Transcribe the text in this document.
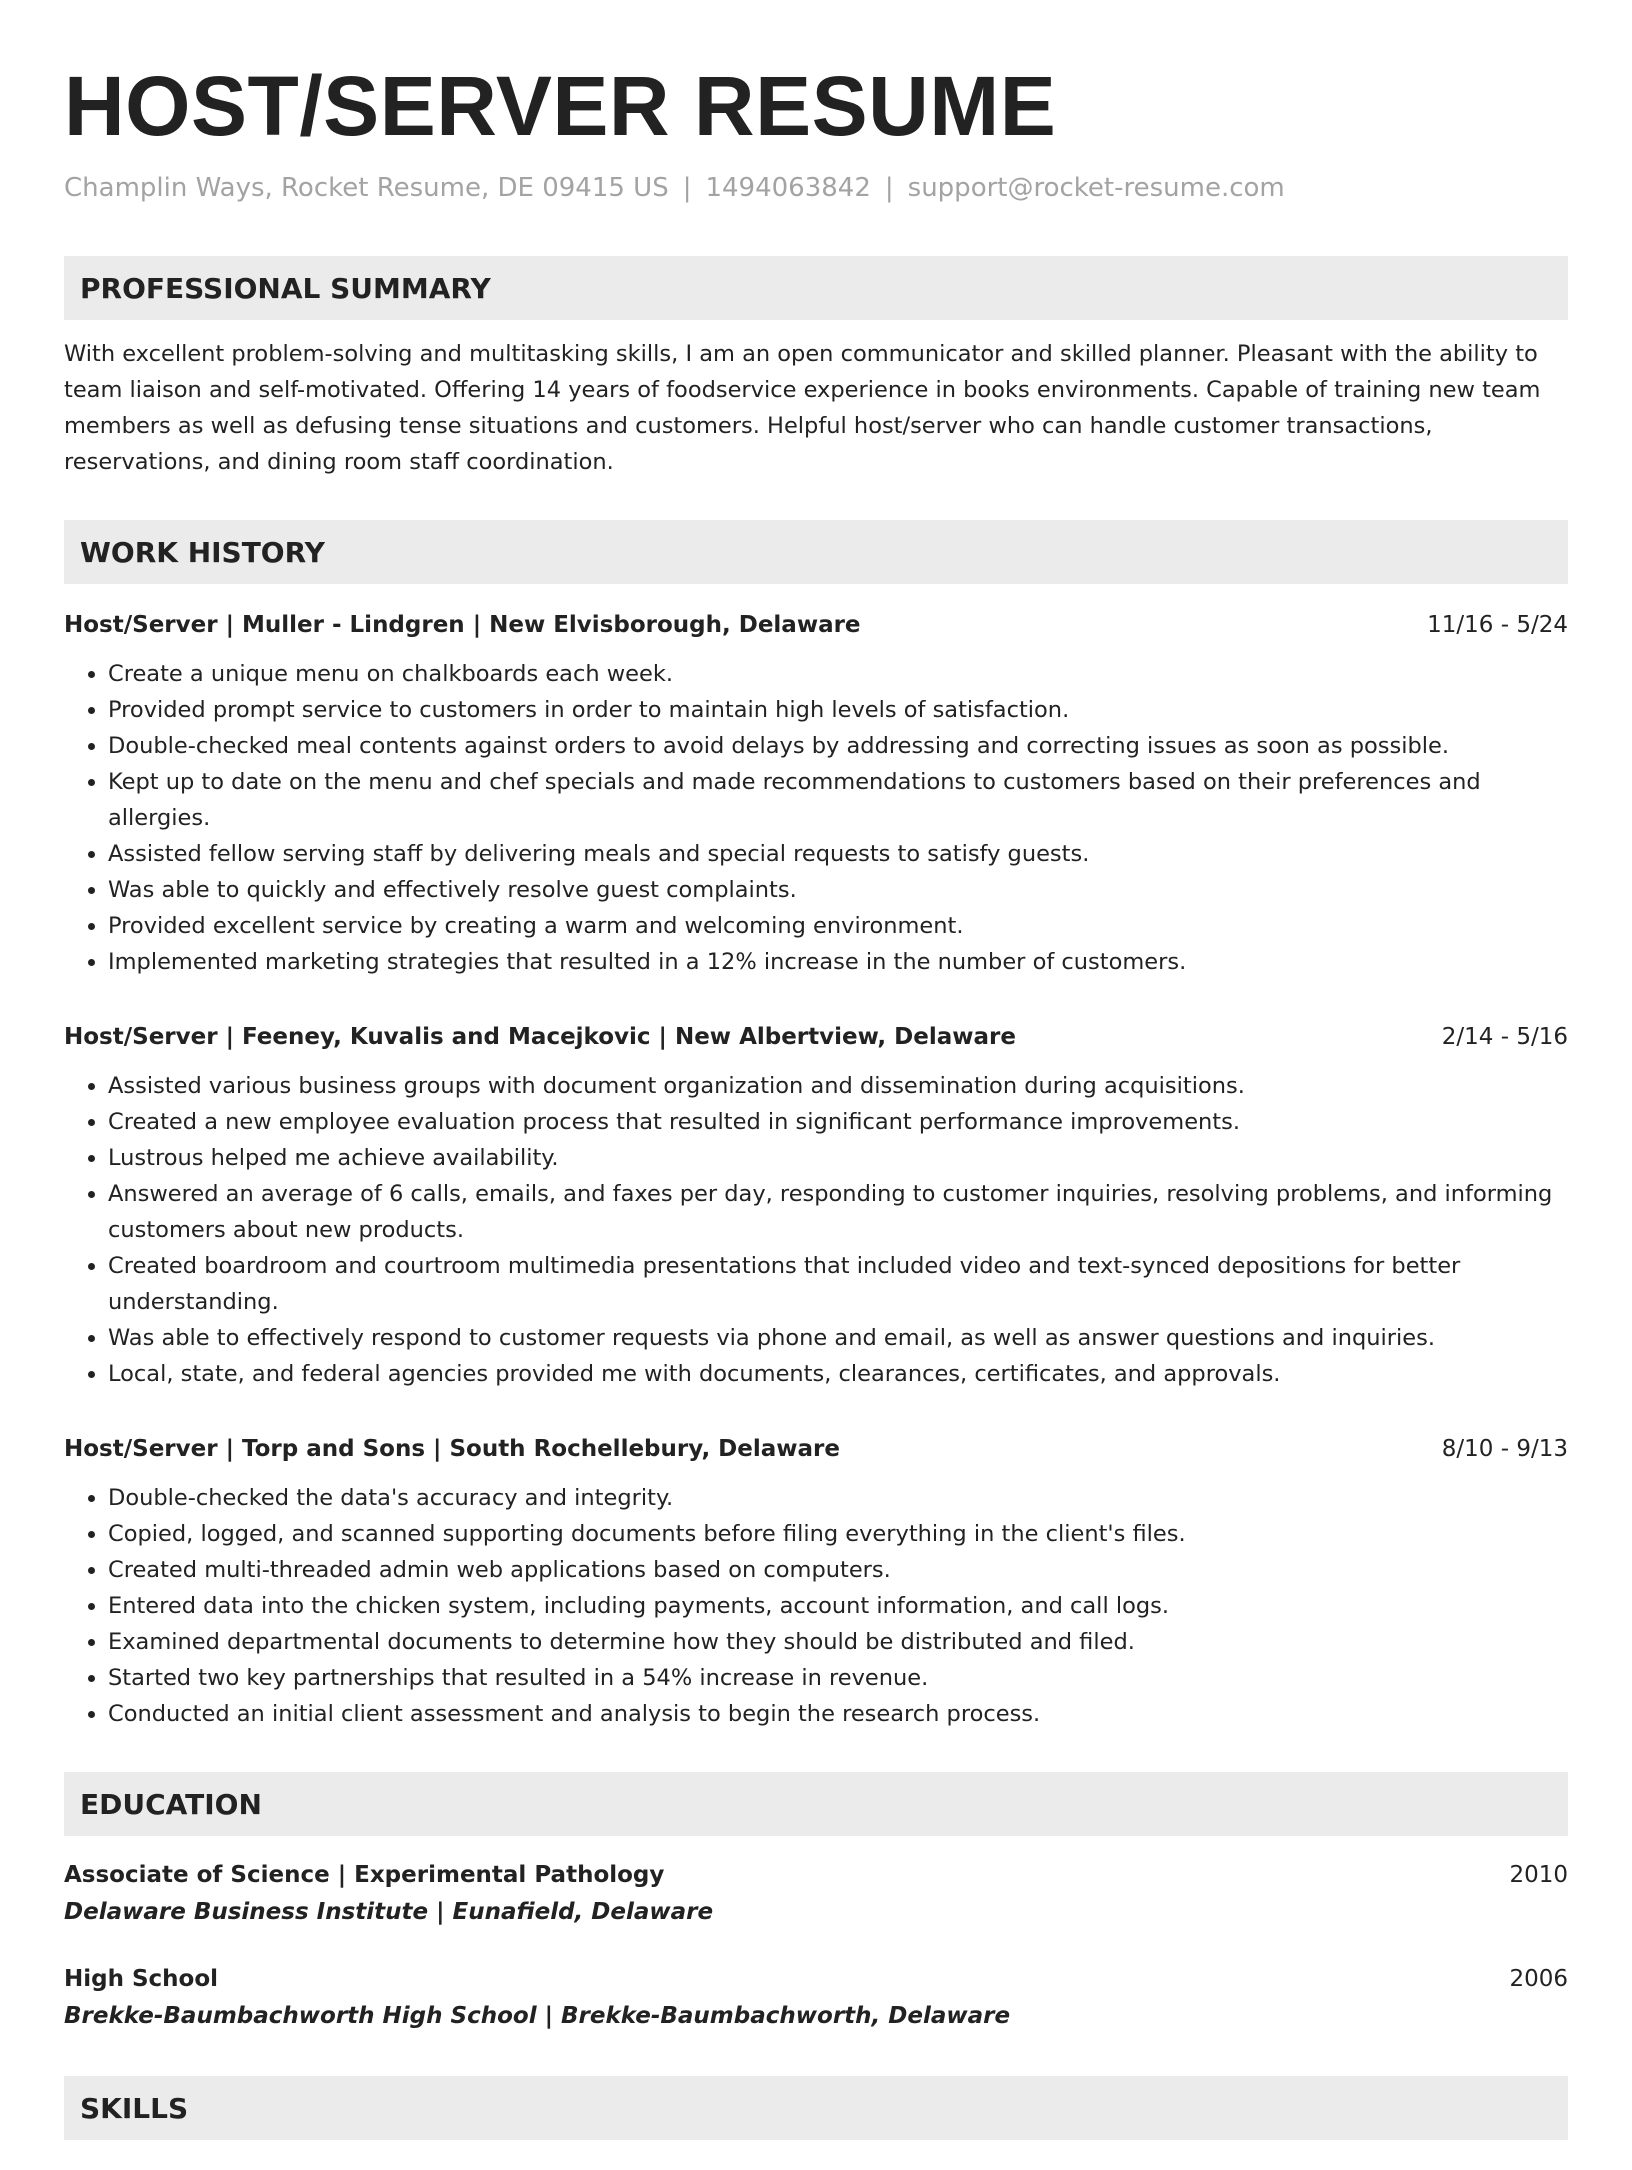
HOST/SERVER RESUME
Champlin Ways, Rocket Resume, DE 09415 US | 1494063842 | support@rocket-resume.com
PROFESSIONAL SUMMARY
With excellent problem-solving and multitasking skills, I am an open communicator and skilled planner. Pleasant with the ability to team liaison and self-motivated. Offering 14 years of foodservice experience in books environments. Capable of training new team members as well as defusing tense situations and customers. Helpful host/server who can handle customer transactions, reservations, and dining room staff coordination.
WORK HISTORY
Host/Server | Muller - Lindgren | New Elvisborough, Delaware	11/16 - 5/24
• Create a unique menu on chalkboards each week.
• Provided prompt service to customers in order to maintain high levels of satisfaction.
• Double-checked meal contents against orders to avoid delays by addressing and correcting issues as soon as possible.
• Kept up to date on the menu and chef specials and made recommendations to customers based on their preferences and allergies.
• Assisted fellow serving staff by delivering meals and special requests to satisfy guests.
• Was able to quickly and effectively resolve guest complaints.
• Provided excellent service by creating a warm and welcoming environment.
• Implemented marketing strategies that resulted in a 12% increase in the number of customers.
Host/Server | Feeney, Kuvalis and Macejkovic | New Albertview, Delaware	2/14 - 5/16
• Assisted various business groups with document organization and dissemination during acquisitions.
• Created a new employee evaluation process that resulted in significant performance improvements.
• Lustrous helped me achieve availability.
• Answered an average of 6 calls, emails, and faxes per day, responding to customer inquiries, resolving problems, and informing customers about new products.
• Created boardroom and courtroom multimedia presentations that included video and text-synced depositions for better understanding.
• Was able to effectively respond to customer requests via phone and email, as well as answer questions and inquiries.
• Local, state, and federal agencies provided me with documents, clearances, certificates, and approvals.
Host/Server | Torp and Sons | South Rochellebury, Delaware	8/10 - 9/13
• Double-checked the data's accuracy and integrity.
• Copied, logged, and scanned supporting documents before filing everything in the client's files.
• Created multi-threaded admin web applications based on computers.
• Entered data into the chicken system, including payments, account information, and call logs.
• Examined departmental documents to determine how they should be distributed and filed.
• Started two key partnerships that resulted in a 54% increase in revenue.
• Conducted an initial client assessment and analysis to begin the research process.
EDUCATION
Associate of Science | Experimental Pathology	2010
Delaware Business Institute | Eunafield, Delaware
High School	2006
Brekke-Baumbachworth High School | Brekke-Baumbachworth, Delaware
SKILLS
